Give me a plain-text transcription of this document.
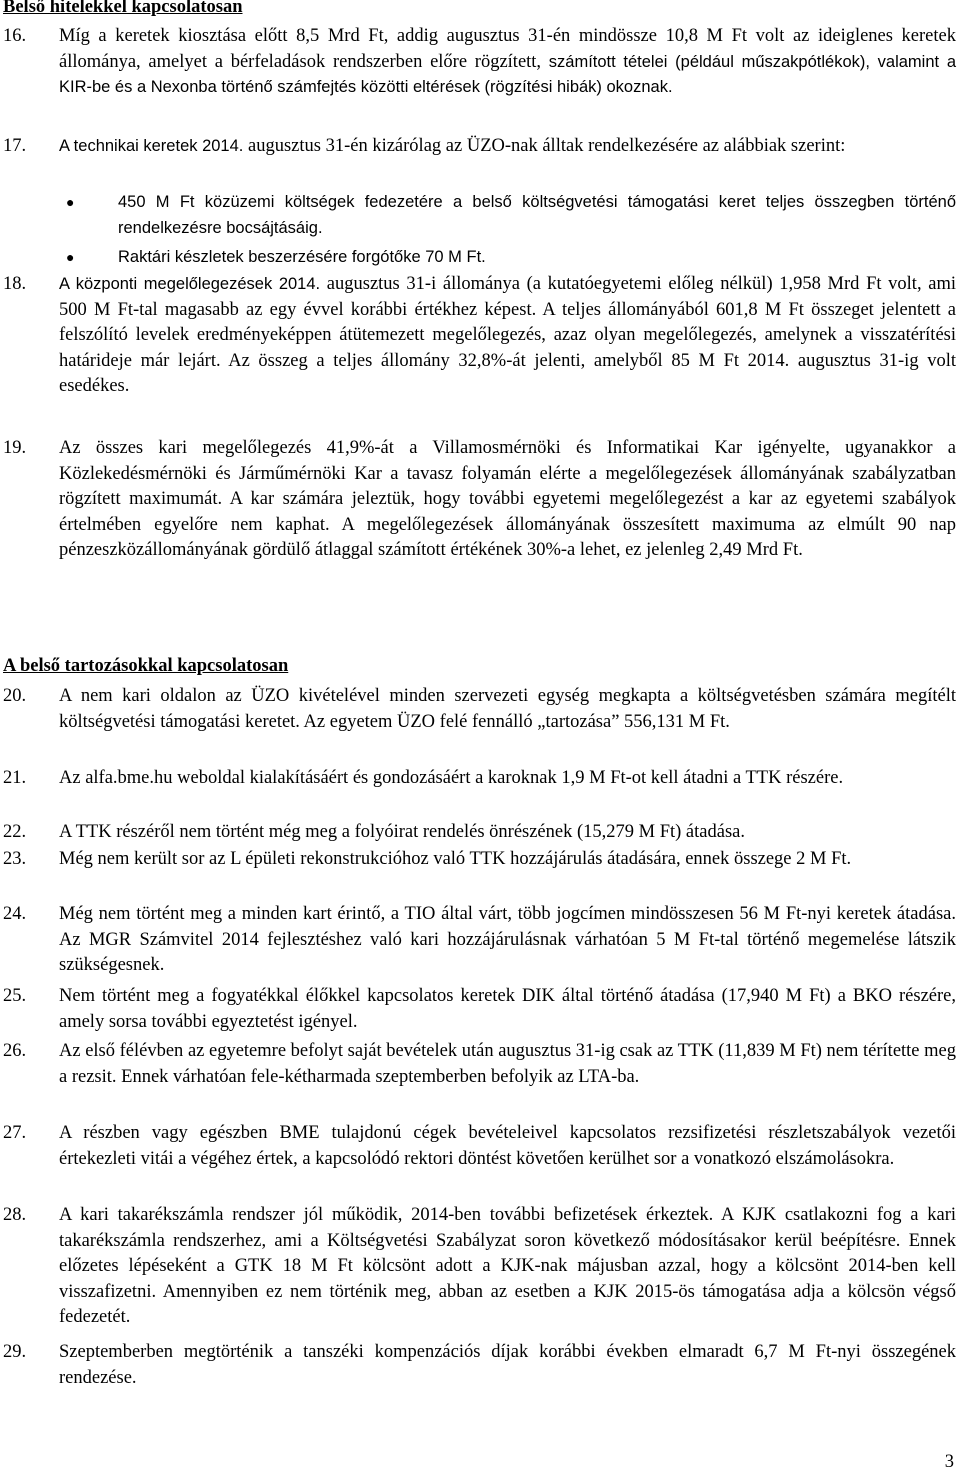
Belső hitelekkel kapcsolatosan
16. Míg a keretek kiosztása előtt 8,5 Mrd Ft, addig augusztus 31-én mindössze 10,8 M Ft volt az ideiglenes keretek állománya, amelyet a bérfeladások rendszerben előre rögzített, számított tételei (például műszakpótlékok), valamint a KIR-be és a Nexonba történő számfejtés közötti eltérések (rögzítési hibák) okoznak.
17. A technikai keretek 2014. augusztus 31-én kizárólag az ÜZO-nak álltak rendelkezésére az alábbiak szerint:
●	450 M Ft közüzemi költségek fedezetére a belső költségvetési támogatási keret teljes összegben történő rendelkezésre bocsájtásáig.
●	Raktári készletek beszerzésére forgótőke 70 M Ft.
18. A központi megelőlegezések 2014. augusztus 31-i állománya (a kutatóegyetemi előleg nélkül) 1,958 Mrd Ft volt, ami 500 M Ft-tal magasabb az egy évvel korábbi értékhez képest. A teljes állományából 601,8 M Ft összeget jelentett a felszólító levelek eredményeképpen átütemezett megelőlegezés, azaz olyan megelőlegezés, amelynek a visszatérítési határideje már lejárt. Az összeg a teljes állomány 32,8%-át jelenti, amelyből 85 M Ft 2014. augusztus 31-ig volt esedékes.
19. Az összes kari megelőlegezés 41,9%-át a Villamosmérnöki és Informatikai Kar igényelte, ugyanakkor a Közlekedésmérnöki és Járműmérnöki Kar a tavasz folyamán elérte a megelőlegezések állományának szabályzatban rögzített maximumát. A kar számára jeleztük, hogy további egyetemi megelőlegezést a kar az egyetemi szabályok értelmében egyelőre nem kaphat. A megelőlegezések állományának összesített maximuma az elmúlt 90 nap pénzeszközállományának gördülő átlaggal számított értékének 30%-a lehet, ez jelenleg 2,49 Mrd Ft.
A belső tartozásokkal kapcsolatosan
20. A nem kari oldalon az ÜZO kivételével minden szervezeti egység megkapta a költségvetésben számára megítélt költségvetési támogatási keretet. Az egyetem ÜZO felé fennálló „tartozása” 556,131 M Ft.
21. Az alfa.bme.hu weboldal kialakításáért és gondozásáért a karoknak 1,9 M Ft-ot kell átadni a TTK részére.
22. A TTK részéről nem történt még meg a folyóirat rendelés önrészének (15,279 M Ft) átadása.
23. Még nem került sor az L épületi rekonstrukcióhoz való TTK hozzájárulás átadására, ennek összege 2 M Ft.
24. Még nem történt meg a minden kart érintő, a TIO által várt, több jogcímen mindösszesen 56 M Ft-nyi keretek átadása. Az MGR Számvitel 2014 fejlesztéshez való kari hozzájárulásnak várhatóan 5 M Ft-tal történő megemelése látszik szükségesnek.
25. Nem történt meg a fogyatékkal élőkkel kapcsolatos keretek DIK által történő átadása (17,940 M Ft) a BKO részére, amely sorsa további egyeztetést igényel.
26. Az első félévben az egyetemre befolyt saját bevételek után augusztus 31-ig csak az TTK (11,839 M Ft) nem térítette meg a rezsit. Ennek várhatóan fele-kétharmada szeptemberben befolyik az LTA-ba.
27. A részben vagy egészben BME tulajdonú cégek bevételeivel kapcsolatos rezsifizetési részletszabályok vezetői értekezleti vitái a végéhez értek, a kapcsolódó rektori döntést követően kerülhet sor a vonatkozó elszámolásokra.
28. A kari takarékszámla rendszer jól működik, 2014-ben további befizetések érkeztek. A KJK csatlakozni fog a kari takarékszámla rendszerhez, ami a Költségvetési Szabályzat soron következő módosításakor kerül beépítésre. Ennek előzetes lépéseként a GTK 18 M Ft kölcsönt adott a KJK-nak májusban azzal, hogy a kölcsönt 2014-ben kell visszafizetni. Amennyiben ez nem történik meg, abban az esetben a KJK 2015-ös támogatása adja a kölcsön végső fedezetét.
29. Szeptemberben megtörténik a tanszéki kompenzációs díjak korábbi években elmaradt 6,7 M Ft-nyi összegének rendezése.
3
